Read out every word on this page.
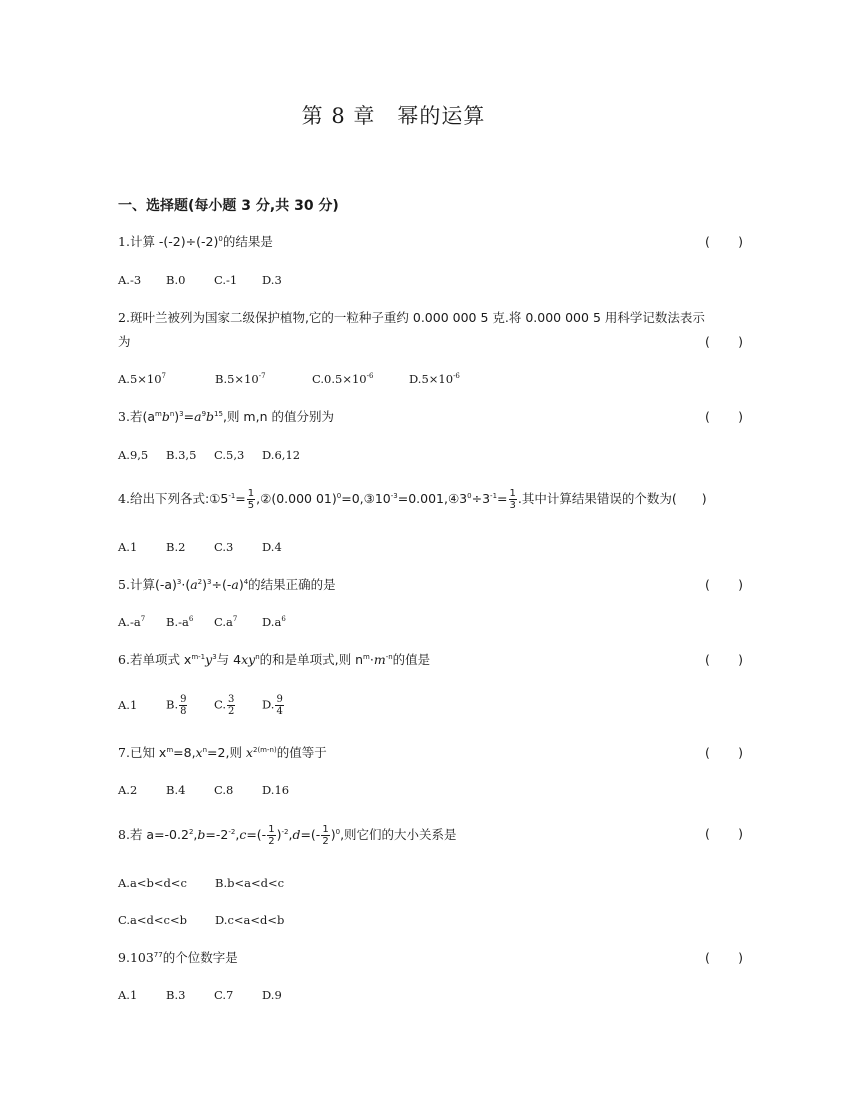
第 8 章　幂的运算
一、选择题(每小题 3 分,共 30 分)
1.计算 $-(-2)\div(-2)^0$的结果是	( )
A.-3 B.0 C.-1 D.3
2.斑叶兰被列为国家二级保护植物,它的一粒种子重约 0.000 000 5 克.将 0.000 000 5 用科学记数法表示
为	( )
$A.5\times 10^7$	$B.5\times 10^{-7}$	$C.0.5\times 10^{-6}$	$D.5\times 10^{-6}$
3.若$(a^mb^n)^3=a^9b^{15}$,则 m,n 的值分别为	( )
A.9,5 B.3,5 C.5,3 D.6,12
4.给出下列各式$:①5^{-1}= \frac{1}{5}$ ,②(0.000 $01)^0=0,③10^{-3}=0.001,④3^0\div 3^{-1}= \frac{1}{3}$ .其中计算结果错误的个数为(　　)
A.1 B.2 C.3 D.4
5.计算$(-a)^3\cdot(a^2)^3\div(-a)^4$的结果正确的是	( )
$A.-a^7$ $B.-a^6$ $C.a^7$ $D.a^6$
6.若单项式 $x^{m-1}y^3$与 $4xy^n$的和是单项式,则 $n^m\cdot m^{-n}$的值是	( )
A.1 B. $\frac{9}{8} C$. $\frac{3}{2} D$. $\frac{9}{4}$
7.已知 $x^m=8,x^n=2$,则 $x^{2(m-n)}$的值等于	( )
A.2 B.4 C.8 D.16
8.若 $a=-0.2^2,b=-2^{-2},c=(- \frac{1}{2} )^{-2},d=(- \frac{1}{2} )^0$,则它们的大小关系是	( )
A.a<b<d<c B.b<a<d<c
C.a<d<c<b D.c<a<d<b
9.103$^{77}$的个位数字是	( )
A.1 B.3 C.7 D.9
